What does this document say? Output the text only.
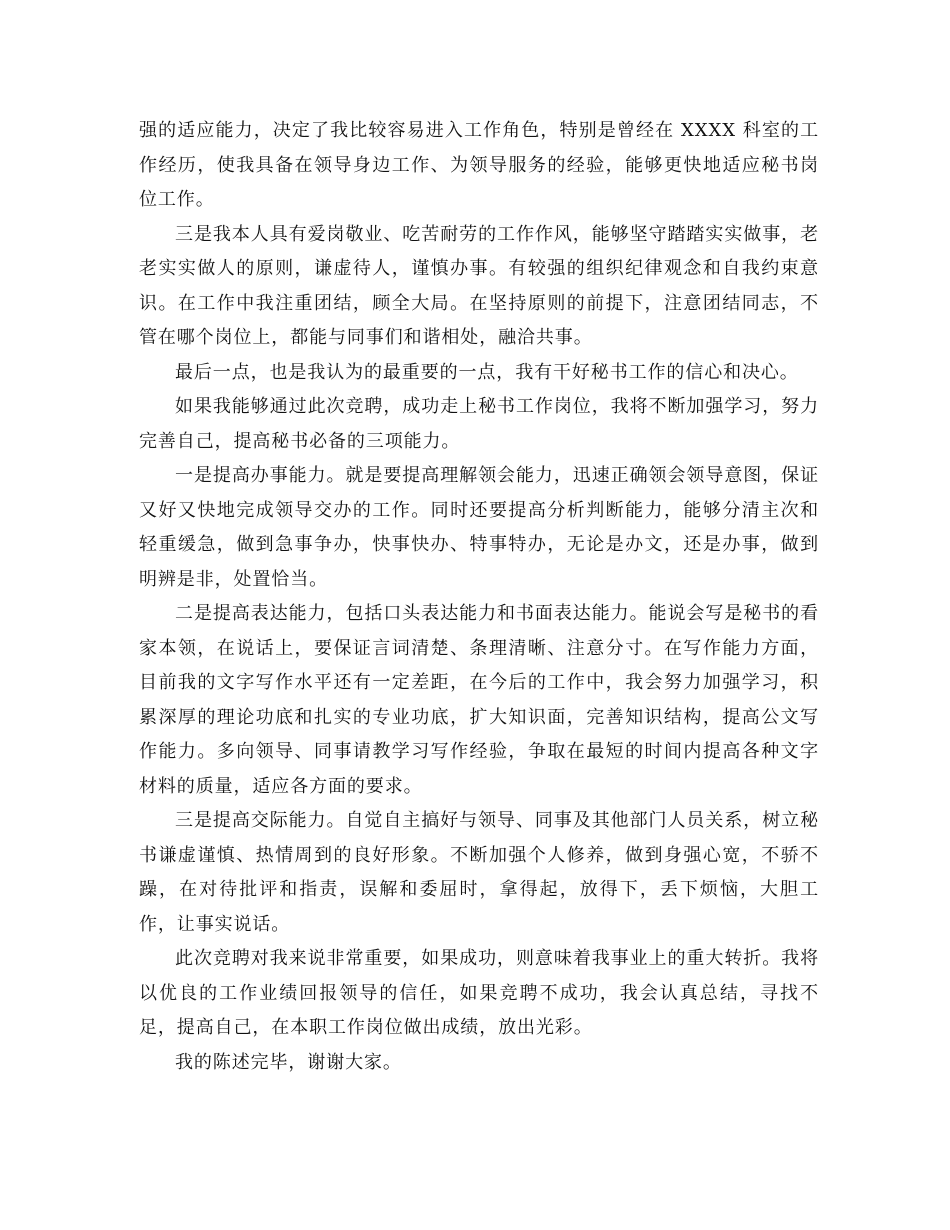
强的适应能力，决定了我比较容易进入工作角色，特别是曾经在 XXXX 科室的工作经历，使我具备在领导身边工作、为领导服务的经验，能够更快地适应秘书岗位工作。

三是我本人具有爱岗敬业、吃苦耐劳的工作作风，能够坚守踏踏实实做事，老老实实做人的原则，谦虚待人，谨慎办事。有较强的组织纪律观念和自我约束意识。在工作中我注重团结，顾全大局。在坚持原则的前提下，注意团结同志，不管在哪个岗位上，都能与同事们和谐相处，融洽共事。

最后一点，也是我认为的最重要的一点，我有干好秘书工作的信心和决心。

如果我能够通过此次竞聘，成功走上秘书工作岗位，我将不断加强学习，努力完善自己，提高秘书必备的三项能力。

一是提高办事能力。就是要提高理解领会能力，迅速正确领会领导意图，保证又好又快地完成领导交办的工作。同时还要提高分析判断能力，能够分清主次和轻重缓急，做到急事争办，快事快办、特事特办，无论是办文，还是办事，做到明辨是非，处置恰当。

二是提高表达能力，包括口头表达能力和书面表达能力。能说会写是秘书的看家本领，在说话上，要保证言词清楚、条理清晰、注意分寸。在写作能力方面，目前我的文字写作水平还有一定差距，在今后的工作中，我会努力加强学习，积累深厚的理论功底和扎实的专业功底，扩大知识面，完善知识结构，提高公文写作能力。多向领导、同事请教学习写作经验，争取在最短的时间内提高各种文字材料的质量，适应各方面的要求。

三是提高交际能力。自觉自主搞好与领导、同事及其他部门人员关系，树立秘书谦虚谨慎、热情周到的良好形象。不断加强个人修养，做到身强心宽，不骄不躁，在对待批评和指责，误解和委屈时，拿得起，放得下，丢下烦恼，大胆工作，让事实说话。

此次竞聘对我来说非常重要，如果成功，则意味着我事业上的重大转折。我将以优良的工作业绩回报领导的信任，如果竞聘不成功，我会认真总结，寻找不足，提高自己，在本职工作岗位做出成绩，放出光彩。

我的陈述完毕，谢谢大家。
